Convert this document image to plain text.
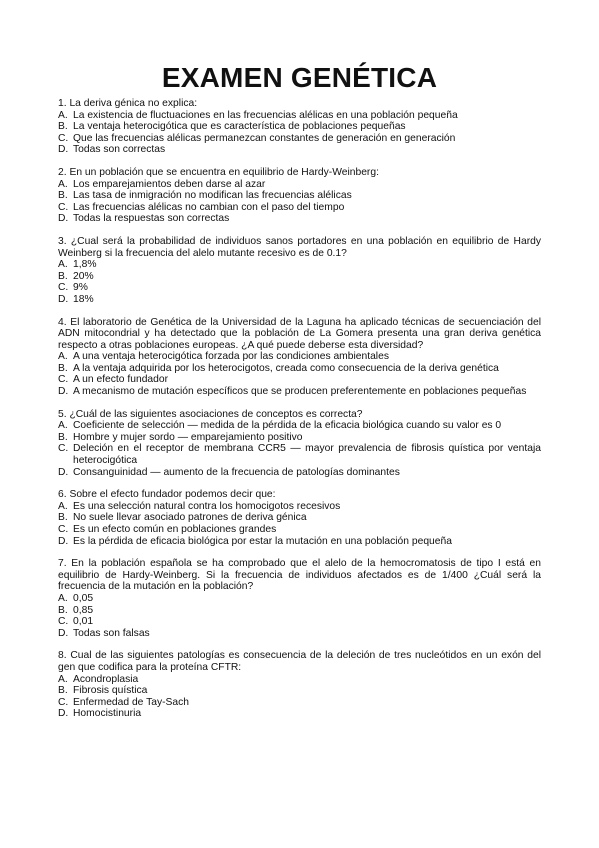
EXAMEN GENÉTICA
1. La deriva génica no explica:
A. La existencia de fluctuaciones en las frecuencias alélicas en una población pequeña
B. La ventaja heterocigótica que es característica de poblaciones pequeñas
C. Que las frecuencias alélicas permanezcan constantes de generación en generación
D. Todas son correctas
2. En un población que se encuentra en equilibrio de Hardy-Weinberg:
A. Los emparejamientos deben darse al azar
B. Las tasa de inmigración no modifican las frecuencias alélicas
C. Las frecuencias alélicas no cambian con el paso del tiempo
D. Todas la respuestas son correctas
3. ¿Cual será la probabilidad de individuos sanos portadores en una población en equilibrio de Hardy Weinberg si la frecuencia del alelo mutante recesivo es de 0.1?
A. 1,8%
B. 20%
C. 9%
D. 18%
4. El laboratorio de Genética de la Universidad de la Laguna ha aplicado técnicas de secuenciación del ADN mitocondrial y ha detectado que la población de La Gomera presenta una gran deriva genética respecto a otras poblaciones europeas. ¿A qué puede deberse esta diversidad?
A. A una ventaja heterocigótica forzada por las condiciones ambientales
B. A la ventaja adquirida por los heterocigotos, creada como consecuencia de la deriva genética
C. A un efecto fundador
D. A mecanismo de mutación específicos que se producen preferentemente en poblaciones pequeñas
5. ¿Cuál de las siguientes asociaciones de conceptos es correcta?
A. Coeficiente de selección — medida de la pérdida de la eficacia biológica cuando su valor es 0
B. Hombre y mujer sordo — emparejamiento positivo
C. Deleción en el receptor de membrana CCR5 — mayor prevalencia de fibrosis quística por ventaja heterocigótica
D. Consanguinidad — aumento de la frecuencia de patologías dominantes
6. Sobre el efecto fundador podemos decir que:
A. Es una selección natural contra los homocigotos recesivos
B. No suele llevar asociado patrones de deriva génica
C. Es un efecto común en poblaciones grandes
D. Es la pérdida de eficacia biológica por estar la mutación en una población pequeña
7. En la población española se ha comprobado que el alelo de la hemocromatosis de tipo I está en equilibrio de Hardy-Weinberg. Si la frecuencia de individuos afectados es de 1/400 ¿Cuál será la frecuencia de la mutación en la población?
A. 0,05
B. 0,85
C. 0,01
D. Todas son falsas
8. Cual de las siguientes patologías es consecuencia de la deleción de tres nucleótidos en un exón del gen que codifica para la proteína CFTR:
A. Acondroplasia
B. Fibrosis quística
C. Enfermedad de Tay-Sach
D. Homocistinuria
